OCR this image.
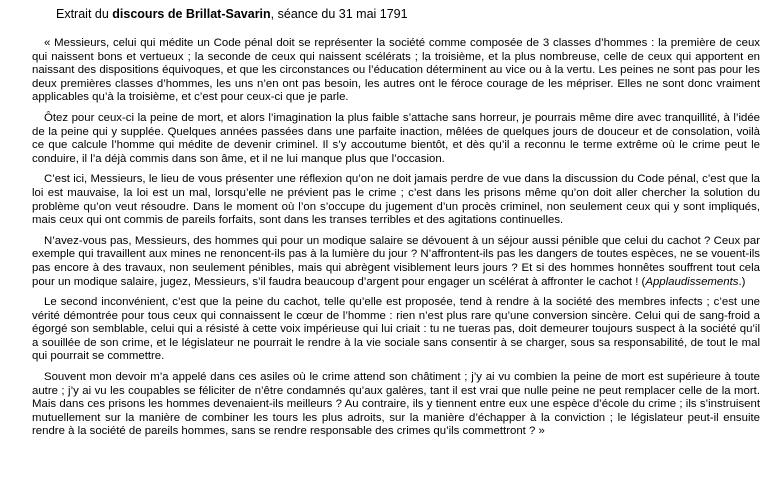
Extrait du discours de Brillat-Savarin, séance du 31 mai 1791

« Messieurs, celui qui médite un Code pénal doit se représenter la société comme composée de 3 classes d’hommes : la première de ceux qui naissent bons et vertueux ; la seconde de ceux qui naissent scélérats ; la troisième, et la plus nombreuse, celle de ceux qui apportent en naissant des dispositions équivoques, et que les circonstances ou l’éducation déterminent au vice ou à la vertu. Les peines ne sont pas pour les deux premières classes d’hommes, les uns n’en ont pas besoin, les autres ont le féroce courage de les mépriser. Elles ne sont donc vraiment applicables qu’à la troisième, et c’est pour ceux-ci que je parle.

Ôtez pour ceux-ci la peine de mort, et alors l’imagination la plus faible s’attache sans horreur, je pourrais même dire avec tranquillité, à l’idée de la peine qui y supplée. Quelques années passées dans une parfaite inaction, mêlées de quelques jours de douceur et de consolation, voilà ce que calcule l’homme qui médite de devenir criminel. Il s’y accoutume bientôt, et dès qu’il a reconnu le terme extrême où le crime peut le conduire, il l’a déjà commis dans son âme, et il ne lui manque plus que l’occasion.

C’est ici, Messieurs, le lieu de vous présenter une réflexion qu’on ne doit jamais perdre de vue dans la discussion du Code pénal, c’est que la loi est mauvaise, la loi est un mal, lorsqu’elle ne prévient pas le crime ; c’est dans les prisons même qu’on doit aller chercher la solution du problème qu’on veut résoudre. Dans le moment où l’on s’occupe du jugement d’un procès criminel, non seulement ceux qui y sont impliqués, mais ceux qui ont commis de pareils forfaits, sont dans les transes terribles et des agitations continuelles.

N’avez-vous pas, Messieurs, des hommes qui pour un modique salaire se dévouent à un séjour aussi pénible que celui du cachot ? Ceux par exemple qui travaillent aux mines ne renoncent-ils pas à la lumière du jour ? N’affrontent-ils pas les dangers de toutes espèces, ne se vouent-ils pas encore à des travaux, non seulement pénibles, mais qui abrègent visiblement leurs jours ? Et si des hommes honnêtes souffrent tout cela pour un modique salaire, jugez, Messieurs, s’il faudra beaucoup d’argent pour engager un scélérat à affronter le cachot ! (Applaudissements.)

Le second inconvénient, c’est que la peine du cachot, telle qu’elle est proposée, tend à rendre à la société des membres infects ; c’est une vérité démontrée pour tous ceux qui connaissent le cœur de l’homme : rien n’est plus rare qu’une conversion sincère. Celui qui de sang-froid a égorgé son semblable, celui qui a résisté à cette voix impérieuse qui lui criait : tu ne tueras pas, doit demeurer toujours suspect à la société qu’il a souillée de son crime, et le législateur ne pourrait le rendre à la vie sociale sans consentir à se charger, sous sa responsabilité, de tout le mal qui pourrait se commettre.

Souvent mon devoir m’a appelé dans ces asiles où le crime attend son châtiment ; j’y ai vu combien la peine de mort est supérieure à toute autre ; j’y ai vu les coupables se féliciter de n’être condamnés qu’aux galères, tant il est vrai que nulle peine ne peut remplacer celle de la mort. Mais dans ces prisons les hommes devenaient-ils meilleurs ? Au contraire, ils y tiennent entre eux une espèce d’école du crime ; ils s’instruisent mutuellement sur la manière de combiner les tours les plus adroits, sur la manière d’échapper à la conviction ; le législateur peut-il ensuite rendre à la société de pareils hommes, sans se rendre responsable des crimes qu’ils commettront ? »
